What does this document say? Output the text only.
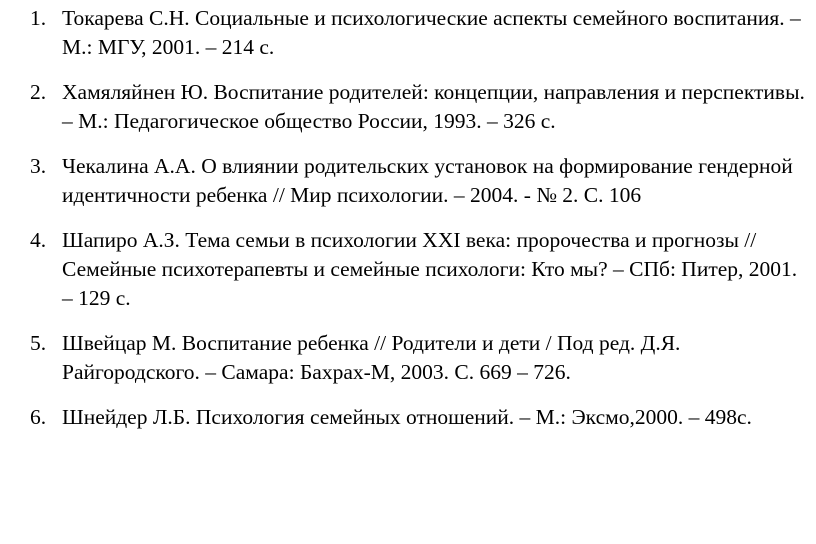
1. Токарева С.Н. Социальные и психологические аспекты семейного воспитания. – М.: МГУ, 2001. – 214 с.
2. Хамяляйнен Ю. Воспитание родителей: концепции, направления и перспективы. – М.: Педагогическое общество России, 1993. – 326 с.
3. Чекалина А.А. О влиянии родительских установок на формирование гендерной идентичности ребенка // Мир психологии. – 2004. - № 2. С. 106
4. Шапиро А.З. Тема семьи в психологии XXI века: пророчества и прогнозы // Семейные психотерапевты и семейные психологи: Кто мы? – СПб: Питер, 2001. – 129 с.
5. Швейцар М. Воспитание ребенка // Родители и дети / Под ред. Д.Я. Райгородского. – Самара: Бахрах-М, 2003. С. 669 – 726.
6. Шнейдер Л.Б. Психология семейных отношений. – М.: Эксмо,2000. – 498с.
